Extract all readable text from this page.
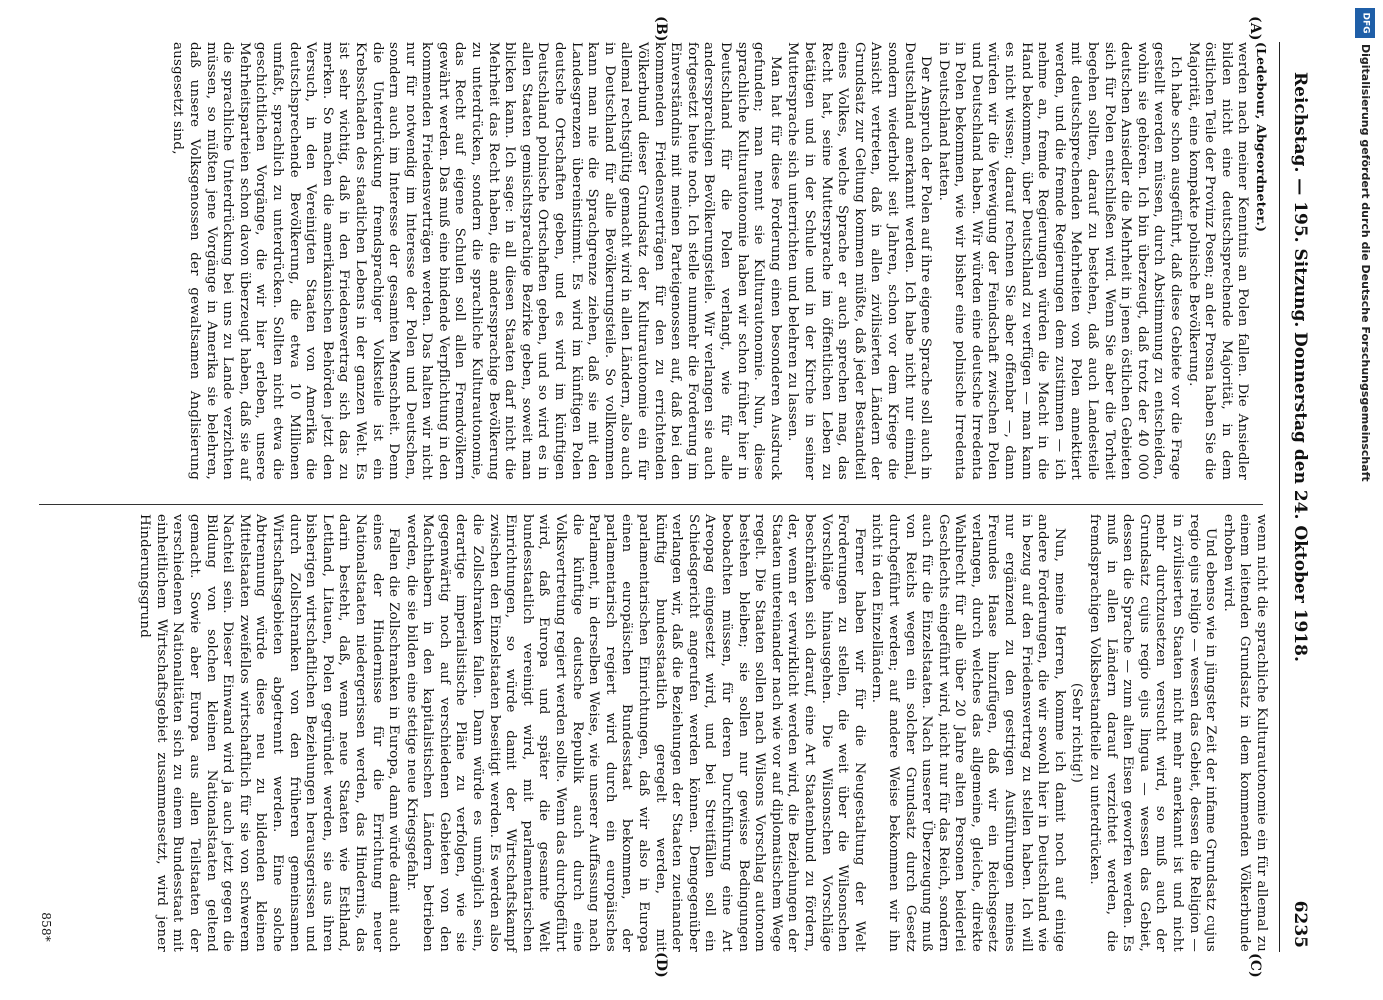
Reichstag. — 195. Sitzung.
Donnerstag den 24. Oktober 1918.
6235
(A)
(B)

(Ledebour, Abgeordneter.)

werden nach meiner Kenntnis an Polen fallen. Die Ansiedler bilden nicht eine deutschsprechende Majorität, in dem östlichen Teile der Provinz Posen; an der Prosna haben Sie die Majorität, eine kompakte polnische Bevölkerung.

Ich habe schon ausgeführt, daß diese Gebiete vor die Frage gestellt werden müssen, durch Abstimmung zu entscheiden, wohin sie gehören. Ich bin überzeugt, daß trotz der 40 000 deutschen Ansiedler die Mehrheit in jenen östlichen Gebieten sich für Polen entschließen wird. Wenn Sie aber die Torheit begehen sollten, darauf zu bestehen, daß auch Landesteile mit deutschsprechenden Mehrheiten von Polen annektiert werden, und die fremde Regierungen dem zustimmen — ich nehme an, fremde Regierungen würden die Macht in die Hand bekommen, über Deutschland zu verfügen — man kann es nicht wissen; darauf rechnen Sie aber offenbar —, dann würden wir die Verewigung der Feindschaft zwischen Polen und Deutschland haben. Wir würden eine deutsche Irredenta in Polen bekommen, wie wir bisher eine polnische Irredenta in Deutschland hatten.

Der Anspruch der Polen auf ihre eigene Sprache soll auch in Deutschland anerkannt werden. Ich habe nicht nur einmal, sondern wiederholt seit Jahren, schon vor dem Kriege die Ansicht vertreten, daß in allen zivilisierten Ländern der Grundsatz zur Geltung kommen müßte, daß jeder Bestandteil eines Volkes, welche Sprache er auch sprechen mag, das Recht hat, seine Muttersprache im öffentlichen Leben zu betätigen und in der Schule und in der Kirche in seiner Muttersprache sich unterrichten und belehren zu lassen.

Man hat für diese Forderung einen besonderen Ausdruck gefunden; man nennt sie Kulturautonomie. Nun, diese sprachliche Kulturautonomie haben wir schon früher hier in Deutschland für die Polen verlangt, wie für alle anderssprachigen Bevölkerungsteile. Wir verlangen sie auch fortgesetzt heute noch. Ich stelle nunmehr die Forderung im Einverständnis mit meinen Parteigenossen auf, daß bei den kommenden Friedensverträgen für den zu errichtenden Völkerbund dieser Grundsatz der Kulturautonomie ein für allemal rechtsgültig gemacht wird in allen Ländern, also auch in Deutschland für alle Bevölkerungsteile. So vollkommen kann man nie die Sprachgrenze ziehen, daß sie mit den Landesgrenzen übereinstimmt. Es wird im künftigen Polen deutsche Ortschaften geben, und es wird im künftigen Deutschland polnische Ortschaften geben, und so wird es in allen Staaten gemischtsprachige Bezirke geben, soweit man blicken kann. Ich sage: in all diesen Staaten darf nicht die Mehrheit das Recht haben, die anderssprachige Bevölkerung zu unterdrücken, sondern die sprachliche Kulturautonomie, das Recht auf eigene Schulen soll allen Fremdvölkern gewährt werden. Das muß eine bindende Verpflichtung in den kommenden Friedensverträgen werden. Das halten wir nicht nur für notwendig im Interesse der Polen und Deutschen, sondern auch im Interesse der gesamten Menschheit. Denn die Unterdrückung fremdsprachiger Volksteile ist ein Krebsschaden des staatlichen Lebens in der ganzen Welt. Es ist sehr wichtig, daß in den Friedensvertrag sich das zu merken. So machen die amerikanischen Behörden jetzt den Versuch, in den Vereinigten Staaten von Amerika die deutschsprechende Bevölkerung, die etwa 10 Millionen umfaßt, sprachlich zu unterdrücken. Sollten nicht etwa die geschichtlichen Vorgänge, die wir hier erleben, unsere Mehrheitsparteien schon davon überzeugt haben, daß sie auf die sprachliche Unterdrückung bei uns zu Lande verzichten müssen, so müßten jene Vorgänge in Amerika sie belehren, daß unsere Volksgenossen der gewaltsamen Anglisierung ausgesetzt sind,

(C)
(D)

wenn nicht die sprachliche Kulturautonomie ein für allemal zu einem leitenden Grundsatz in dem kommenden Völkerbunde erhoben wird.

Und ebenso wie in jüngster Zeit der infame Grundsatz cujus regio ejus religio — wessen das Gebiet, dessen die Religion — in zivilisierten Staaten nicht mehr anerkannt ist und nicht mehr durchzusetzen versucht wird, so muß auch der Grundsatz cujus regio ejus lingua — wessen das Gebiet, dessen die Sprache — zum alten Eisen geworfen werden. Es muß in allen Ländern darauf verzichtet werden, die fremdsprachigen Volksbestandteile zu unterdrücken.

(Sehr richtig!)

Nun, meine Herren, komme ich damit noch auf einige andere Forderungen, die wir sowohl hier in Deutschland wie in bezug auf den Friedensvertrag zu stellen haben. Ich will nur ergänzend zu den gestrigen Ausführungen meines Freundes Haase hinzufügen, daß wir ein Reichsgesetz verlangen, durch welches das allgemeine, gleiche, direkte Wahlrecht für alle über 20 Jahre alten Personen beiderlei Geschlechts eingeführt wird, nicht nur für das Reich, sondern auch für die Einzelstaaten. Nach unserer Überzeugung muß von Reichs wegen ein solcher Grundsatz durch Gesetz durchgeführt werden; auf andere Weise bekommen wir ihn nicht in den Einzelländern.

Ferner haben wir für die Neugestaltung der Welt Forderungen zu stellen, die weit über die Wilsonschen Vorschläge hinausgehen. Die Wilsonschen Vorschläge beschränken sich darauf, eine Art Staatenbund zu fördern, der, wenn er verwirklicht werden wird, die Beziehungen der Staaten untereinander nach wie vor auf diplomatischem Wege regelt. Die Staaten sollen nach Wilsons Vorschlag autonom bestehen bleiben; sie sollen nur gewisse Bedingungen beobachten müssen, für deren Durchführung eine Art Areopag eingesetzt wird, und bei Streitfällen soll ein Schiedsgericht angerufen werden können. Demgegenüber verlangen wir, daß die Beziehungen der Staaten zueinander künftig bundesstaatlich geregelt werden, mit parlamentarischen Einrichtungen, daß wir also in Europa einen europäischen Bundesstaat bekommen, der parlamentarisch regiert wird durch ein europäisches Parlament, in derselben Weise, wie unserer Auffassung nach die künftige deutsche Republik auch durch eine Volksvertretung regiert werden sollte. Wenn das durchgeführt wird, daß Europa und später die gesamte Welt bundesstaatlich vereinigt wird, mit parlamentarischen Einrichtungen, so würde damit der Wirtschaftskampf zwischen den Einzelstaaten beseitigt werden. Es werden also die Zollschranken fallen. Dann würde es unmöglich sein, derartige imperialistische Pläne zu verfolgen, wie sie gegenwärtig noch auf verschiedenen Gebieten von den Machthabern in den kapitalistischen Ländern betrieben werden, die sie bilden eine stetige neue Kriegsgefahr.

Fallen die Zollschranken in Europa, dann würde damit auch eines der Hindernisse für die Errichtung neuer Nationalstaaten niedergerissen werden, das Hindernis, das darin besteht, daß, wenn neue Staaten wie Esthland, Lettland, Litauen, Polen gegründet werden, sie aus ihren bisherigen wirtschaftlichen Beziehungen herausgerissen und durch Zollschranken von den früheren gemeinsamen Wirtschaftsgebieten abgetrennt werden. Eine solche Abtrennung würde diese neu zu bildenden kleinen Mittelstaaten zweifellos wirtschaftlich für sie von schwerem Nachteil sein. Dieser Einwand wird ja auch jetzt gegen die Bildung von solchen kleinen Nationalstaaten geltend gemacht. Sowie aber Europa aus allen Teilstaaten der verschiedenen Nationalitäten sich zu einem Bundesstaat mit einheitlichem Wirtschaftsgebiet zusammensetzt, wird jener Hinderungsgrund

858*
DFG
Digitalisierung gefördert durch die Deutsche Forschungsgemeinschaft
